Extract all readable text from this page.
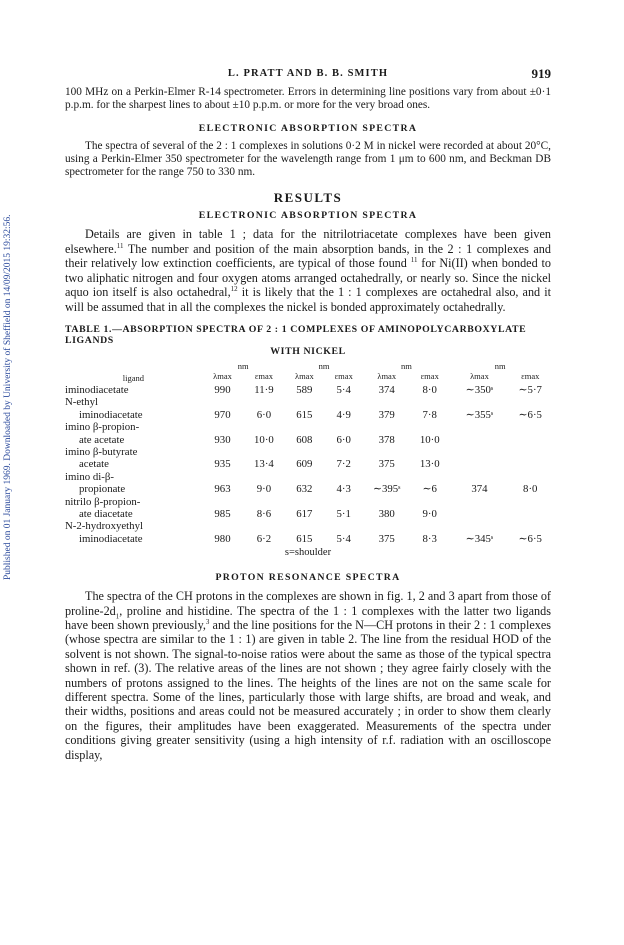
Published on 01 January 1969. Downloaded by University of Sheffield on 14/09/2015 19:32:56.
L. PRATT AND B. B. SMITH	919

100 MHz on a Perkin-Elmer R-14 spectrometer. Errors in determining line positions vary from about ±0·1 p.p.m. for the sharpest lines to about ±10 p.p.m. or more for the very broad ones.

ELECTRONIC ABSORPTION SPECTRA

The spectra of several of the 2 : 1 complexes in solutions 0·2 M in nickel were recorded at about 20°C, using a Perkin-Elmer 350 spectrometer for the wavelength range from 1 μm to 600 nm, and Beckman DB spectrometer for the range 750 to 330 nm.

RESULTS
ELECTRONIC ABSORPTION SPECTRA

Details are given in table 1 ; data for the nitrilotriacetate complexes have been given elsewhere.$^{11}$ The number and position of the main absorption bands, in the 2 : 1 complexes and their relatively low extinction coefficients, are typical of those found $^{11}$ for Ni(II) when bonded to two aliphatic nitrogen and four oxygen atoms arranged octahedrally, or nearly so. Since the nickel aquo ion itself is also octahedral,$^{12}$ it is likely that the 1 : 1 complexes are octahedral also, and it will be assumed that in all the complexes the nickel is bonded approximately octahedrally.

TABLE 1.—ABSORPTION SPECTRA OF 2 : 1 COMPLEXES OF AMINOPOLYCARBOXYLATE LIGANDS
WITH NICKEL
	nm		nm		nm		nm	
ligand	λmax	εmax	λmax	εmax	λmax	εmax	λmax	εmax
iminodiacetate	990	11·9	589	5·4	374	8·0	∼350ˢ	∼5·7
N-ethyl								
iminodiacetate	970	6·0	615	4·9	379	7·8	∼355ˢ	∼6·5
imino β-propion-								
ate acetate	930	10·0	608	6·0	378	10·0		
imino β-butyrate								
acetate	935	13·4	609	7·2	375	13·0		
imino di-β-								
propionate	963	9·0	632	4·3	∼395ˢ	∼6	374	8·0
nitrilo β-propion-								
ate diacetate	985	8·6	617	5·1	380	9·0		
N-2-hydroxyethyl								
iminodiacetate	980	6·2	615	5·4	375	8·3	∼345ˢ	∼6·5
s=shoulder
PROTON RESONANCE SPECTRA

The spectra of the CH protons in the complexes are shown in fig. 1, 2 and 3 apart from those of proline-$2d_1$, proline and histidine. The spectra of the 1 : 1 complexes with the latter two ligands have been shown previously,$^3$ and the line positions for the N—CH protons in their 2 : 1 complexes (whose spectra are similar to the 1 : 1) are given in table 2. The line from the residual HOD of the solvent is not shown. The signal-to-noise ratios were about the same as those of the typical spectra shown in ref. (3). The relative areas of the lines are not shown ; they agree fairly closely with the numbers of protons assigned to the lines. The heights of the lines are not on the same scale for different spectra. Some of the lines, particularly those with large shifts, are broad and weak, and their widths, positions and areas could not be measured accurately ; in order to show them clearly on the figures, their amplitudes have been exaggerated. Measurements of the spectra under conditions giving greater sensitivity (using a high intensity of r.f. radiation with an oscilloscope display,
